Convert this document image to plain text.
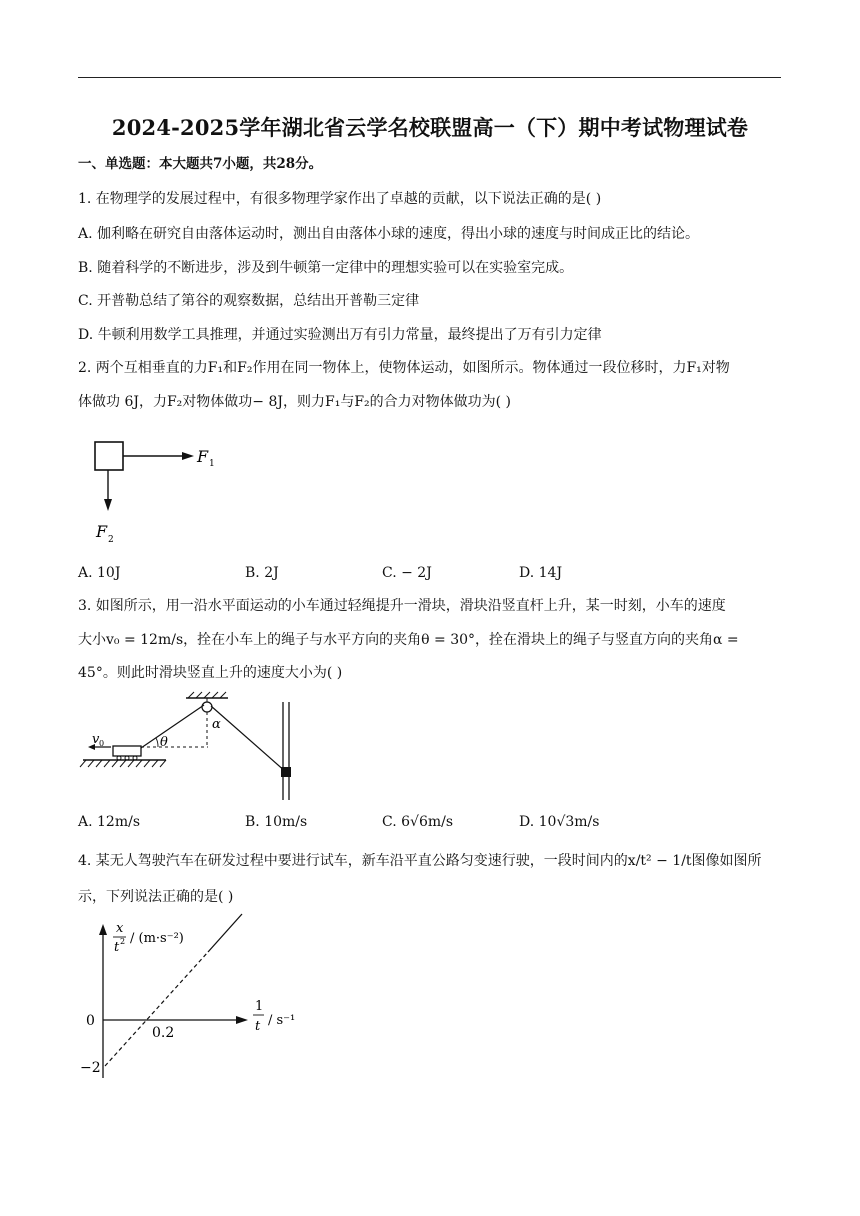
2024-2025学年湖北省云学名校联盟高一（下）期中考试物理试卷
一、单选题：本大题共7小题，共28分。
1. 在物理学的发展过程中，有很多物理学家作出了卓越的贡献，以下说法正确的是( )
A. 伽利略在研究自由落体运动时，测出自由落体小球的速度，得出小球的速度与时间成正比的结论。
B. 随着科学的不断进步，涉及到牛顿第一定律中的理想实验可以在实验室完成。
C. 开普勒总结了第谷的观察数据，总结出开普勒三定律
D. 牛顿利用数学工具推理，并通过实验测出万有引力常量，最终提出了万有引力定律
2. 两个互相垂直的力F₁和F₂作用在同一物体上，使物体运动，如图所示。物体通过一段位移时，力F₁对物
体做功 6J，力F₂对物体做功− 8J，则力F₁与F₂的合力对物体做功为( )
F 1
F 2
A. 10J	B. 2J	C. − 2J	D. 14J
3. 如图所示，用一沿水平面运动的小车通过轻绳提升一滑块，滑块沿竖直杆上升，某一时刻，小车的速度
大小v₀ = 12m/s，拴在小车上的绳子与水平方向的夹角θ = 30°，拴在滑块上的绳子与竖直方向的夹角α =
45°。则此时滑块竖直上升的速度大小为( )
v 0	θ
α
A. 12m/s	B. 10m/s	C. 6√6m/s	D. 10√3m/s
4. 某无人驾驶汽车在研发过程中要进行试车，新车沿平直公路匀变速行驶，一段时间内的x/t² − 1/t图像如图所
示，下列说法正确的是( )
x
t 2 / (m·s⁻²)
1
t / s⁻¹
0
0.2
−2
